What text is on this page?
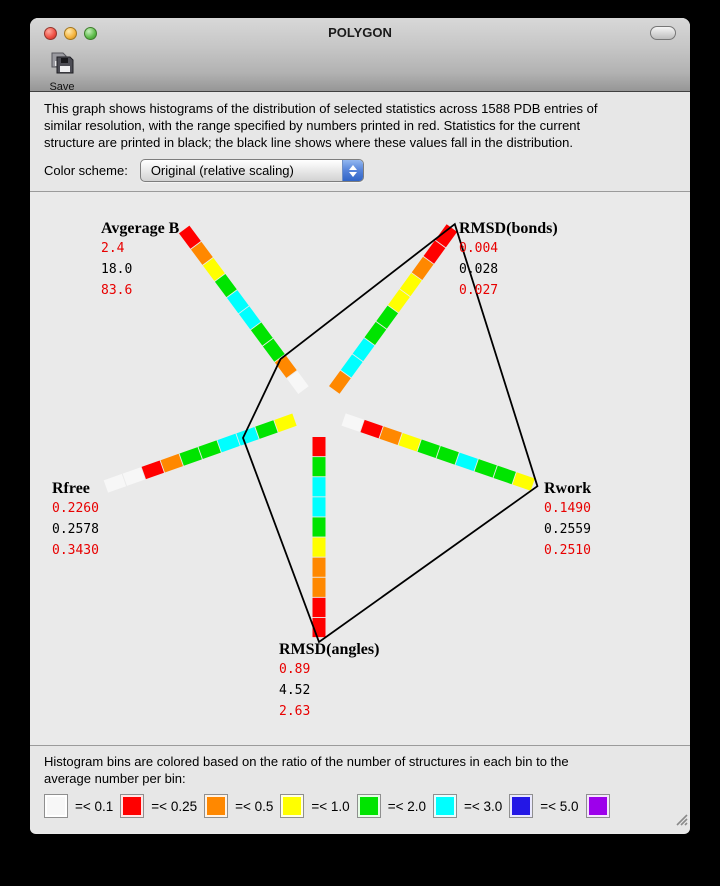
POLYGON
Save
This graph shows histograms of the distribution of selected statistics across 1588 PDB entries of
similar resolution, with the range specified by numbers printed in red. Statistics for the current
structure are printed in black; the black line shows where these values fall in the distribution.
Color scheme:	Original (relative scaling)
Avgerage B
2.4
18.0
83.6
RMSD(bonds)
0.004
0.028
0.027
Rwork
0.1490
0.2559
0.2510
RMSD(angles)
0.89
4.52
2.63
Rfree
0.2260
0.2578
0.3430
Histogram bins are colored based on the ratio of the number of structures in each bin to the
average number per bin:
=< 0.1	=< 0.25	=< 0.5	=< 1.0	=< 2.0	=< 3.0	=< 5.0
